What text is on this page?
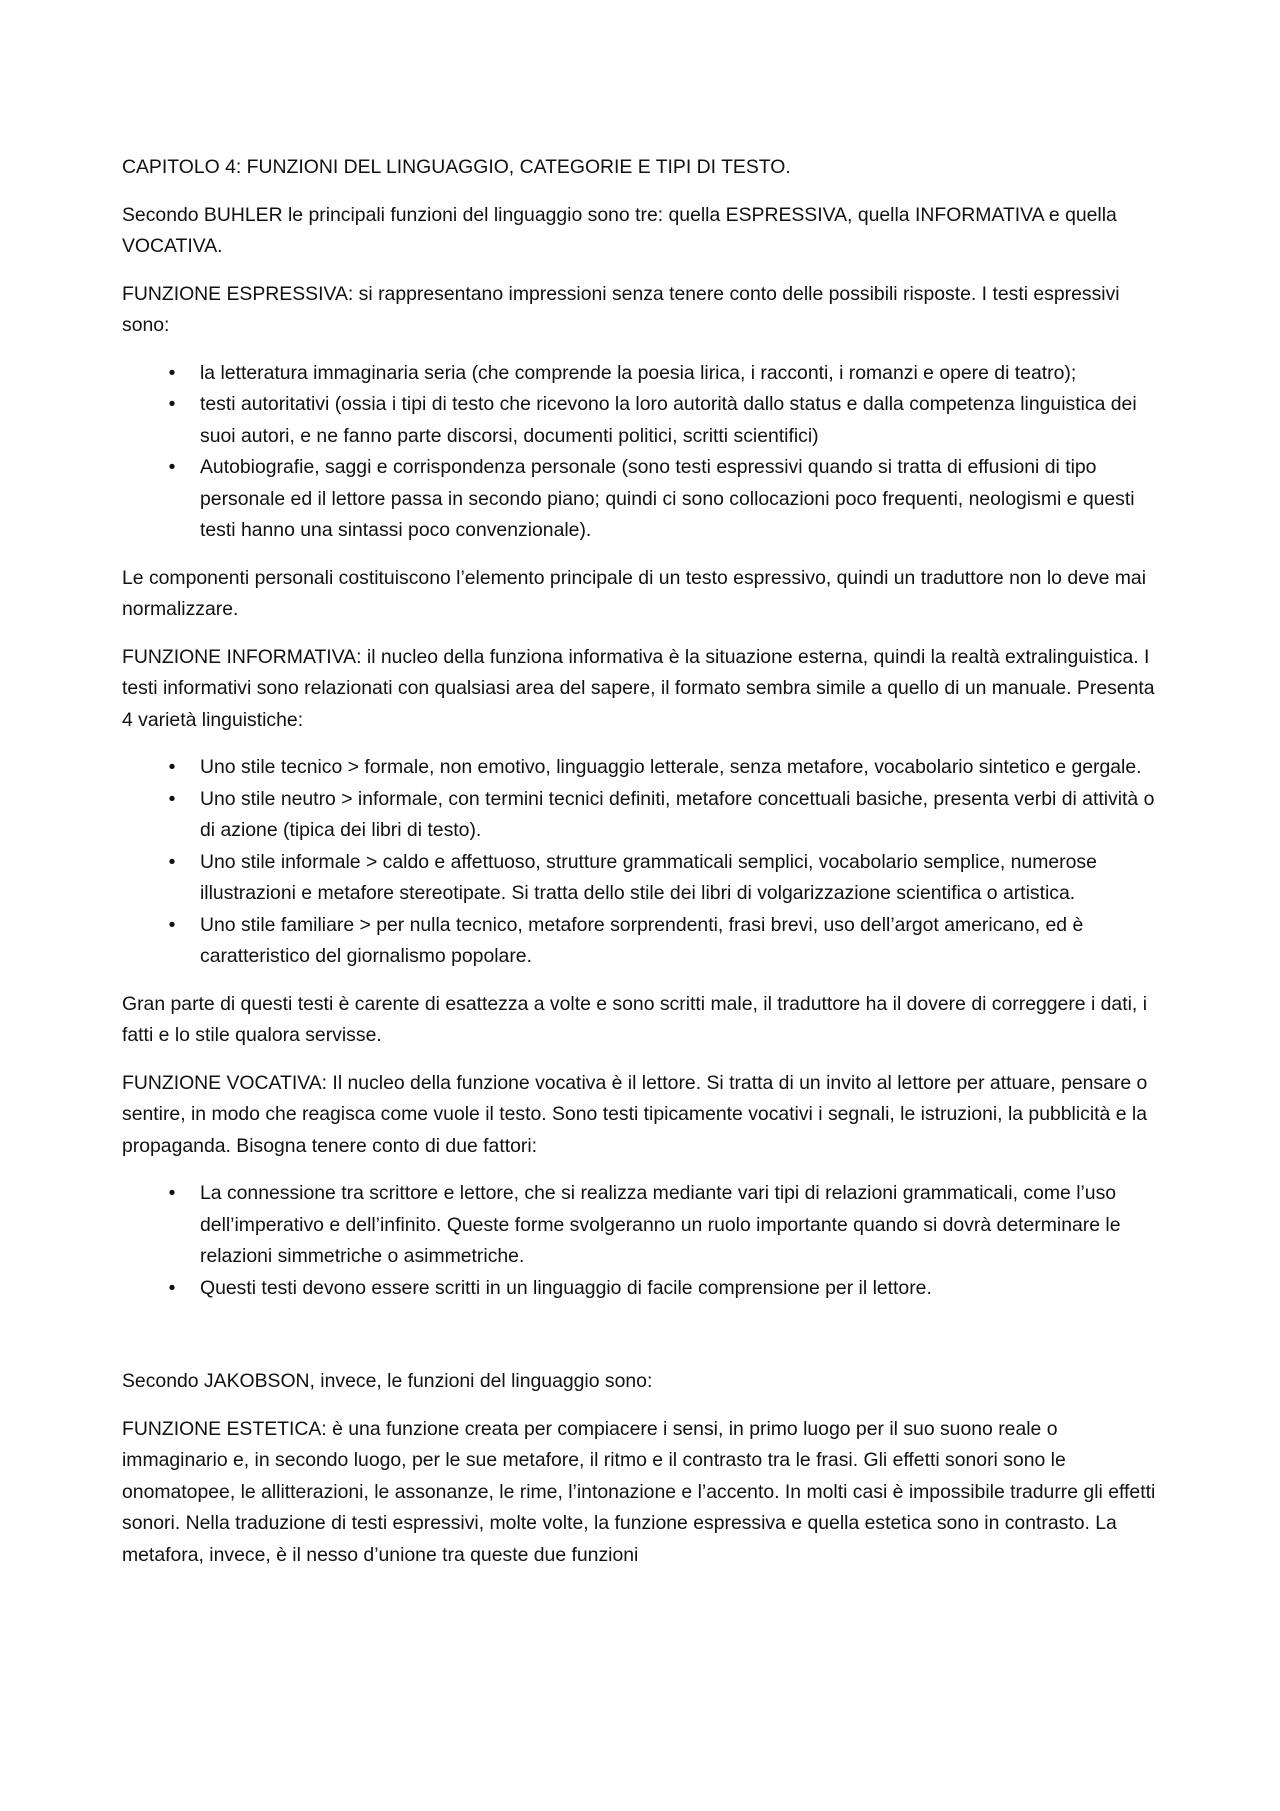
CAPITOLO 4: FUNZIONI DEL LINGUAGGIO, CATEGORIE E TIPI DI TESTO.

Secondo BUHLER le principali funzioni del linguaggio sono tre: quella ESPRESSIVA, quella INFORMATIVA e quella VOCATIVA.

FUNZIONE ESPRESSIVA: si rappresentano impressioni senza tenere conto delle possibili risposte. I testi espressivi sono:

•	la letteratura immaginaria seria (che comprende la poesia lirica, i racconti, i romanzi e opere di teatro);
•	testi autoritativi (ossia i tipi di testo che ricevono la loro autorità dallo status e dalla competenza linguistica dei suoi autori, e ne fanno parte discorsi, documenti politici, scritti scientifici)
•	Autobiografie, saggi e corrispondenza personale (sono testi espressivi quando si tratta di effusioni di tipo personale ed il lettore passa in secondo piano; quindi ci sono collocazioni poco frequenti, neologismi e questi testi hanno una sintassi poco convenzionale).

Le componenti personali costituiscono l’elemento principale di un testo espressivo, quindi un traduttore non lo deve mai normalizzare.

FUNZIONE INFORMATIVA: il nucleo della funziona informativa è la situazione esterna, quindi la realtà extralinguistica. I testi informativi sono relazionati con qualsiasi area del sapere, il formato sembra simile a quello di un manuale. Presenta 4 varietà linguistiche:

•	Uno stile tecnico > formale, non emotivo, linguaggio letterale, senza metafore, vocabolario sintetico e gergale.
•	Uno stile neutro > informale, con termini tecnici definiti, metafore concettuali basiche, presenta verbi di attività o di azione (tipica dei libri di testo).
•	Uno stile informale > caldo e affettuoso, strutture grammaticali semplici, vocabolario semplice, numerose illustrazioni e metafore stereotipate. Si tratta dello stile dei libri di volgarizzazione scientifica o artistica.
•	Uno stile familiare > per nulla tecnico, metafore sorprendenti, frasi brevi, uso dell’argot americano, ed è caratteristico del giornalismo popolare.

Gran parte di questi testi è carente di esattezza a volte e sono scritti male, il traduttore ha il dovere di correggere i dati, i fatti e lo stile qualora servisse.

FUNZIONE VOCATIVA: Il nucleo della funzione vocativa è il lettore. Si tratta di un invito al lettore per attuare, pensare o sentire, in modo che reagisca come vuole il testo. Sono testi tipicamente vocativi i segnali, le istruzioni, la pubblicità e la propaganda. Bisogna tenere conto di due fattori:

•	La connessione tra scrittore e lettore, che si realizza mediante vari tipi di relazioni grammaticali, come l’uso dell’imperativo e dell’infinito. Queste forme svolgeranno un ruolo importante quando si dovrà determinare le relazioni simmetriche o asimmetriche.
•	Questi testi devono essere scritti in un linguaggio di facile comprensione per il lettore.

Secondo JAKOBSON, invece, le funzioni del linguaggio sono:

FUNZIONE ESTETICA: è una funzione creata per compiacere i sensi, in primo luogo per il suo suono reale o immaginario e, in secondo luogo, per le sue metafore, il ritmo e il contrasto tra le frasi. Gli effetti sonori sono le onomatopee, le allitterazioni, le assonanze, le rime, l’intonazione e l’accento. In molti casi è impossibile tradurre gli effetti sonori. Nella traduzione di testi espressivi, molte volte, la funzione espressiva e quella estetica sono in contrasto. La metafora, invece, è il nesso d’unione tra queste due funzioni
